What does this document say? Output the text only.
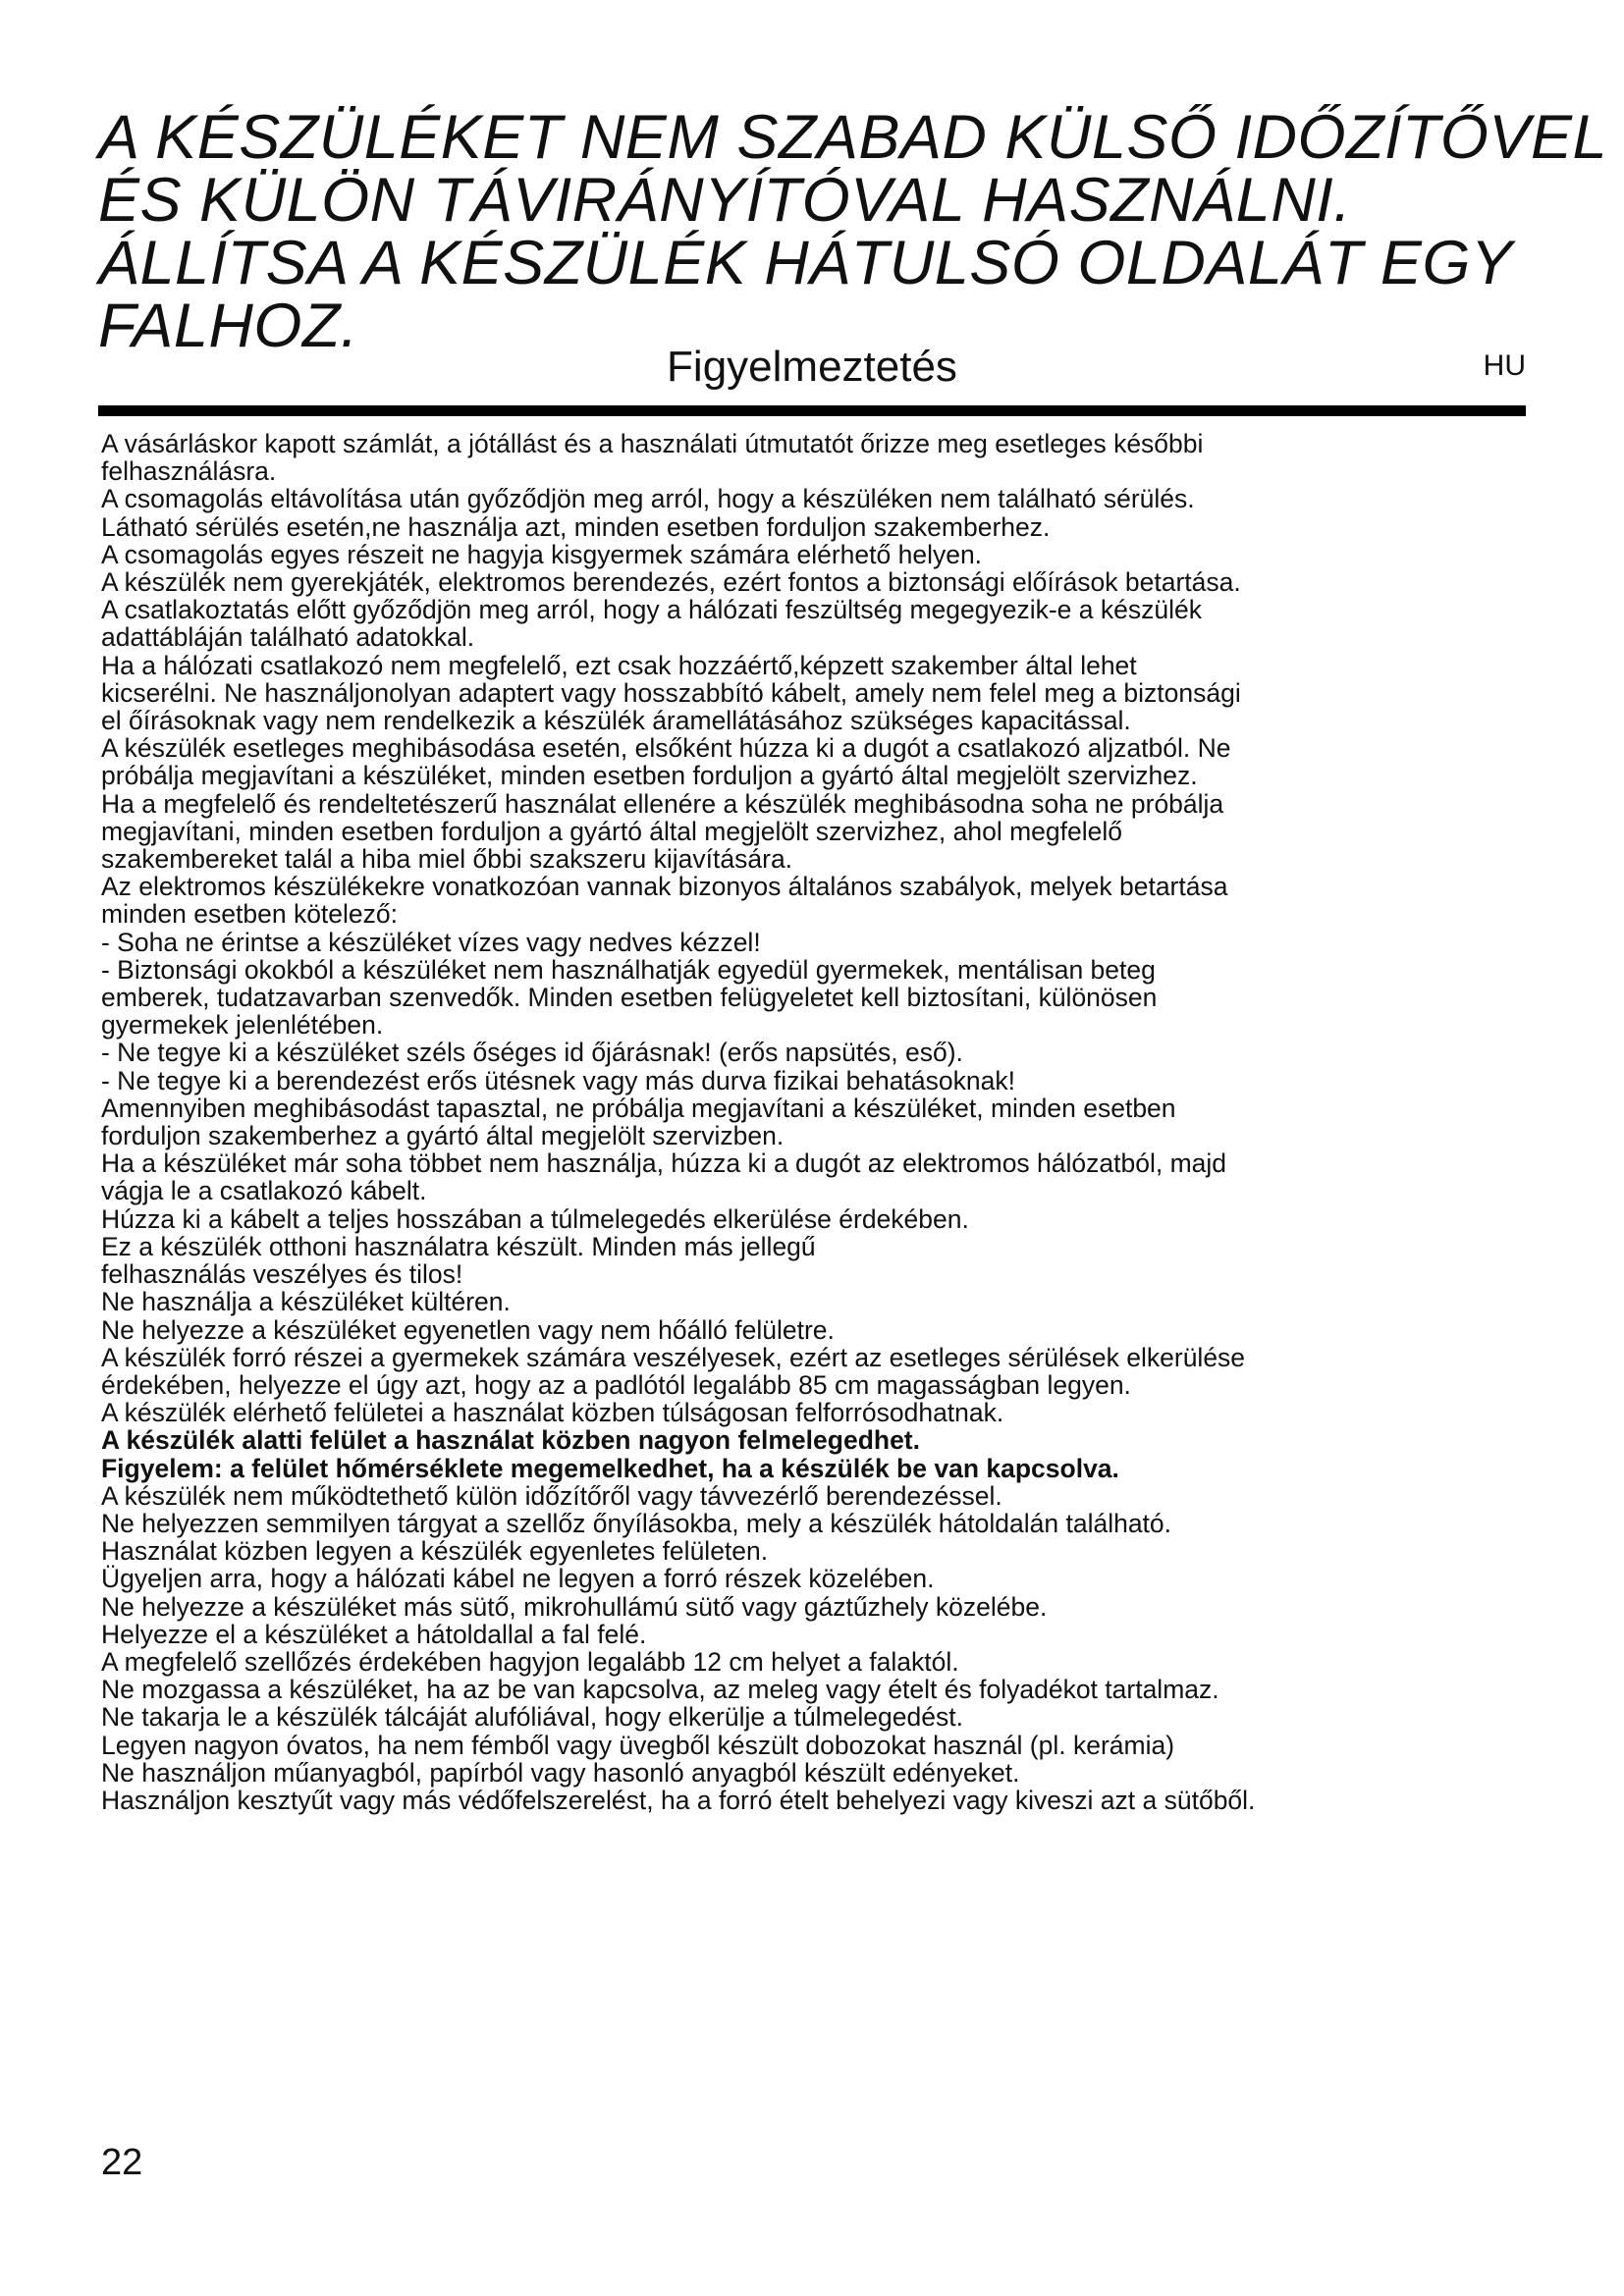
A KÉSZÜLÉKET NEM SZABAD KÜLSŐ IDŐZÍTŐVEL
ÉS KÜLÖN TÁVIRÁNYÍTÓVAL HASZNÁLNI.
ÁLLÍTSA A KÉSZÜLÉK HÁTULSÓ OLDALÁT EGY
FALHOZ.
Figyelmeztetés	HU
A vásárláskor kapott számlát, a jótállást és a használati útmutatót őrizze meg esetleges későbbi
felhasználásra.
A csomagolás eltávolítása után győződjön meg arról, hogy a készüléken nem található sérülés.
Látható sérülés esetén,ne használja azt, minden esetben forduljon szakemberhez.
A csomagolás egyes részeit ne hagyja kisgyermek számára elérhető helyen.
A készülék nem gyerekjáték, elektromos berendezés, ezért fontos a biztonsági előírások betartása.
A csatlakoztatás előtt győződjön meg arról, hogy a hálózati feszültség megegyezik-e a készülék
adattábláján található adatokkal.
Ha a hálózati csatlakozó nem megfelelő, ezt csak hozzáértő,képzett szakember által lehet
kicserélni. Ne használjonolyan adaptert vagy hosszabbító kábelt, amely nem felel meg a biztonsági
el őírásoknak vagy nem rendelkezik a készülék áramellátásához szükséges kapacitással.
A készülék esetleges meghibásodása esetén, elsőként húzza ki a dugót a csatlakozó aljzatból. Ne
próbálja megjavítani a készüléket, minden esetben forduljon a gyártó által megjelölt szervizhez.
Ha a megfelelő és rendeltetészerű használat ellenére a készülék meghibásodna soha ne próbálja
megjavítani, minden esetben forduljon a gyártó által megjelölt szervizhez, ahol megfelelő
szakembereket talál a hiba miel őbbi szakszeru kijavítására.
Az elektromos készülékekre vonatkozóan vannak bizonyos általános szabályok, melyek betartása
minden esetben kötelező:
- Soha ne érintse a készüléket vízes vagy nedves kézzel!
- Biztonsági okokból a készüléket nem használhatják egyedül gyermekek, mentálisan beteg
emberek, tudatzavarban szenvedők. Minden esetben felügyeletet kell biztosítani, különösen
gyermekek jelenlétében.
- Ne tegye ki a készüléket széls őséges id őjárásnak! (erős napsütés, eső).
- Ne tegye ki a berendezést erős ütésnek vagy más durva fizikai behatásoknak!
Amennyiben meghibásodást tapasztal, ne próbálja megjavítani a készüléket, minden esetben
forduljon szakemberhez a gyártó által megjelölt szervizben.
Ha a készüléket már soha többet nem használja, húzza ki a dugót az elektromos hálózatból, majd
vágja le a csatlakozó kábelt.
Húzza ki a kábelt a teljes hosszában a túlmelegedés elkerülése érdekében.
Ez a készülék otthoni használatra készült. Minden más jellegű
felhasználás veszélyes és tilos!
Ne használja a készüléket kültéren.
Ne helyezze a készüléket egyenetlen vagy nem hőálló felületre.
A készülék forró részei a gyermekek számára veszélyesek, ezért az esetleges sérülések elkerülése
érdekében, helyezze el úgy azt, hogy az a padlótól legalább 85 cm magasságban legyen.
A készülék elérhető felületei a használat közben túlságosan felforrósodhatnak.
A készülék alatti felület a használat közben nagyon felmelegedhet.
Figyelem: a felület hőmérséklete megemelkedhet, ha a készülék be van kapcsolva.
A készülék nem működtethető külön időzítőről vagy távvezérlő berendezéssel.
Ne helyezzen semmilyen tárgyat a szellőz őnyílásokba, mely a készülék hátoldalán található.
Használat közben legyen a készülék egyenletes felületen.
Ügyeljen arra, hogy a hálózati kábel ne legyen a forró részek közelében.
Ne helyezze a készüléket más sütő, mikrohullámú sütő vagy gáztűzhely közelébe.
Helyezze el a készüléket a hátoldallal a fal felé.
A megfelelő szellőzés érdekében hagyjon legalább 12 cm helyet a falaktól.
Ne mozgassa a készüléket, ha az be van kapcsolva, az meleg vagy ételt és folyadékot tartalmaz.
Ne takarja le a készülék tálcáját alufóliával, hogy elkerülje a túlmelegedést.
Legyen nagyon óvatos, ha nem fémből vagy üvegből készült dobozokat használ (pl. kerámia)
Ne használjon műanyagból, papírból vagy hasonló anyagból készült edényeket.
Használjon kesztyűt vagy más védőfelszerelést, ha a forró ételt behelyezi vagy kiveszi azt a sütőből.
22
